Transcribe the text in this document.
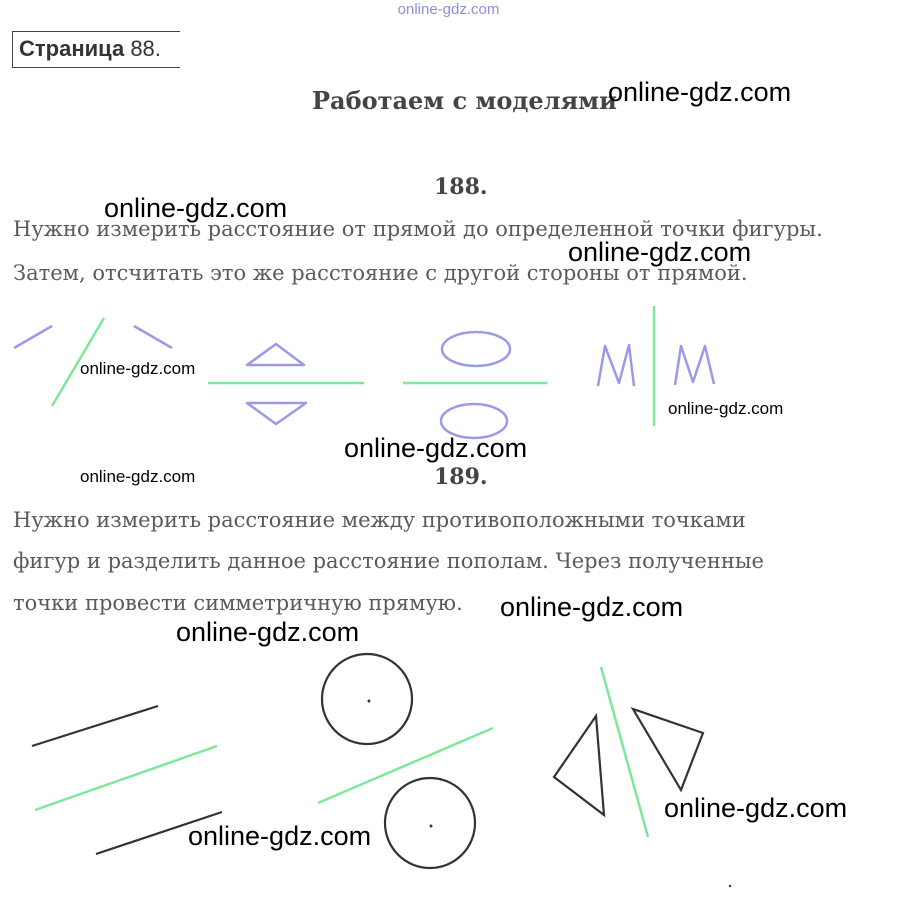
online-gdz.com
Страница 88.
Работаем с моделями
188.
Нужно измерить расстояние от прямой до определенной точки фигуры.
Затем, отсчитать это же расстояние с другой стороны от прямой.
189.
Нужно измерить расстояние между противоположными точками
фигур и разделить данное расстояние пополам. Через полученные
точки провести симметричную прямую.
online-gdz.com
online-gdz.com
online-gdz.com
online-gdz.com
online-gdz.com
online-gdz.com
online-gdz.com
online-gdz.com
online-gdz.com
online-gdz.com
online-gdz.com
